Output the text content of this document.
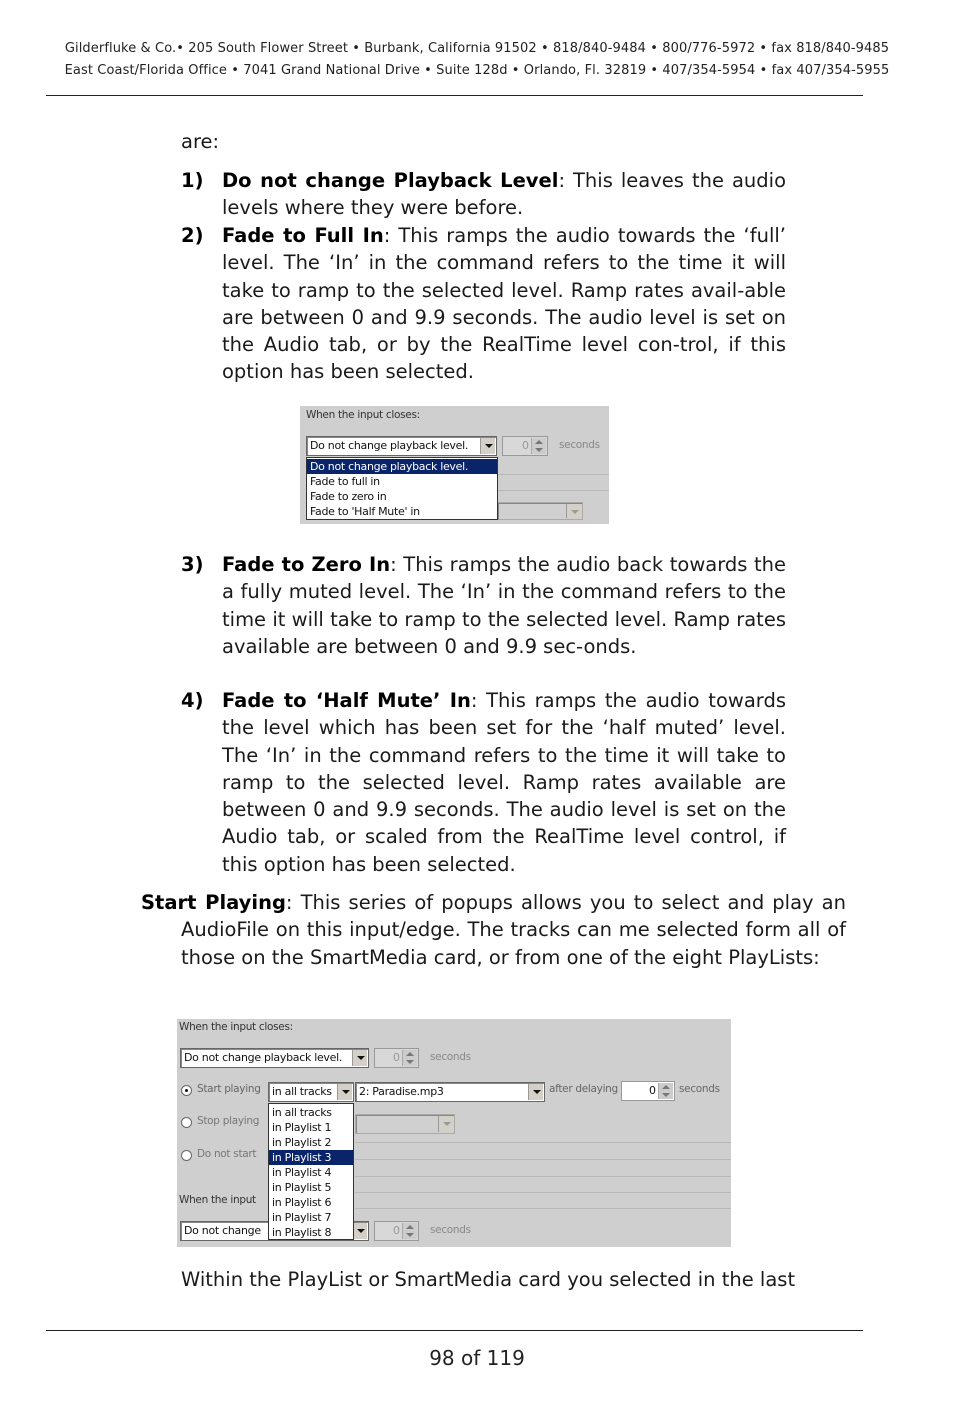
Gilderfluke & Co.• 205 South Flower Street • Burbank, California 91502 • 818/840-9484 • 800/776-5972 • fax 818/840-9485
East Coast/Florida Office • 7041 Grand National Drive • Suite 128d • Orlando, Fl. 32819 • 407/354-5954 • fax 407/354-5955
are:
1) Do not change Playback Level: This leaves the audio levels where they were before.
2) Fade to Full In: This ramps the audio towards the ‘full’ level. The ‘In’ in the command refers to the time it will take to ramp to the selected level. Ramp rates avail-able are between 0 and 9.9 seconds. The audio level is set on the Audio tab, or by the RealTime level con-trol, if this option has been selected.
When the input closes:
Do not change playback level.	0	seconds
Do not change playback level.
Fade to full in
Fade to zero in
Fade to 'Half Mute' in
3) Fade to Zero In: This ramps the audio back towards the a fully muted level. The ‘In’ in the command refers to the time it will take to ramp to the selected level. Ramp rates available are between 0 and 9.9 sec-onds.
4) Fade to ‘Half Mute’ In: This ramps the audio towards the level which has been set for the ‘half muted’ level. The ‘In’ in the command refers to the time it will take to ramp to the selected level. Ramp rates available are between 0 and 9.9 seconds. The audio level is set on the Audio tab, or scaled from the RealTime level control, if this option has been selected.
Start Playing: This series of popups allows you to select and play an AudioFile on this input/edge. The tracks can me selected form all of those on the SmartMedia card, or from one of the eight PlayLists:
When the input closes:
Do not change playback level.	0	seconds
Start playing	in all tracks	2: Paradise.mp3	after delaying	0	seconds
Stop playing
Do not start
When the input
Do not change	0	seconds
in all tracks
in Playlist 1
in Playlist 2
in Playlist 3
in Playlist 4
in Playlist 5
in Playlist 6
in Playlist 7
in Playlist 8
Within the PlayList or SmartMedia card you selected in the last
98 of 119
